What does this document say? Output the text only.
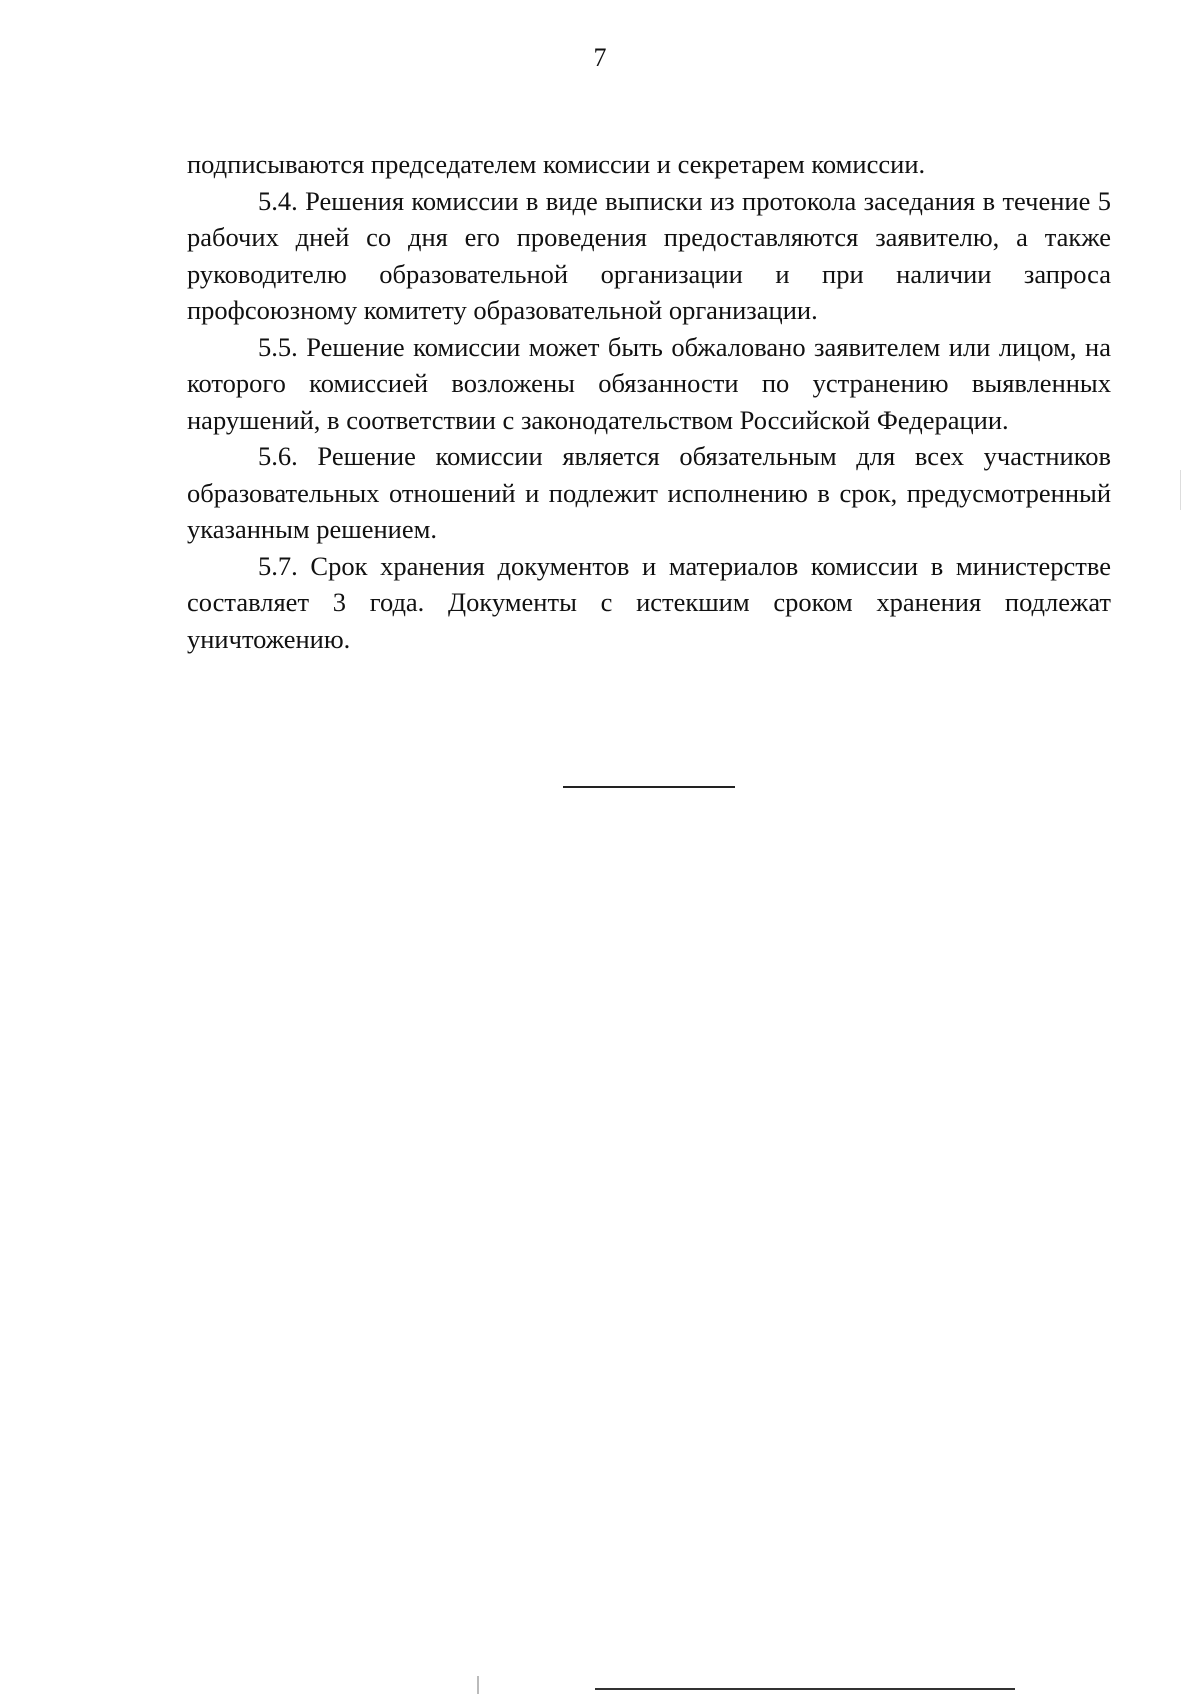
7

подписываются председателем комиссии и секретарем комиссии.

5.4. Решения комиссии в виде выписки из протокола заседания в течение 5 рабочих дней со дня его проведения предоставляются заявителю, а также руководителю образовательной организации и при наличии запроса профсоюзному комитету образовательной организации.

5.5. Решение комиссии может быть обжаловано заявителем или лицом, на которого комиссией возложены обязанности по устранению выявленных нарушений, в соответствии с законодательством Российской Федерации.

5.6. Решение комиссии является обязательным для всех участников образовательных отношений и подлежит исполнению в срок, предусмотренный указанным решением.

5.7. Срок хранения документов и материалов комиссии в министерстве составляет 3 года. Документы с истекшим сроком хранения подлежат уничтожению.
